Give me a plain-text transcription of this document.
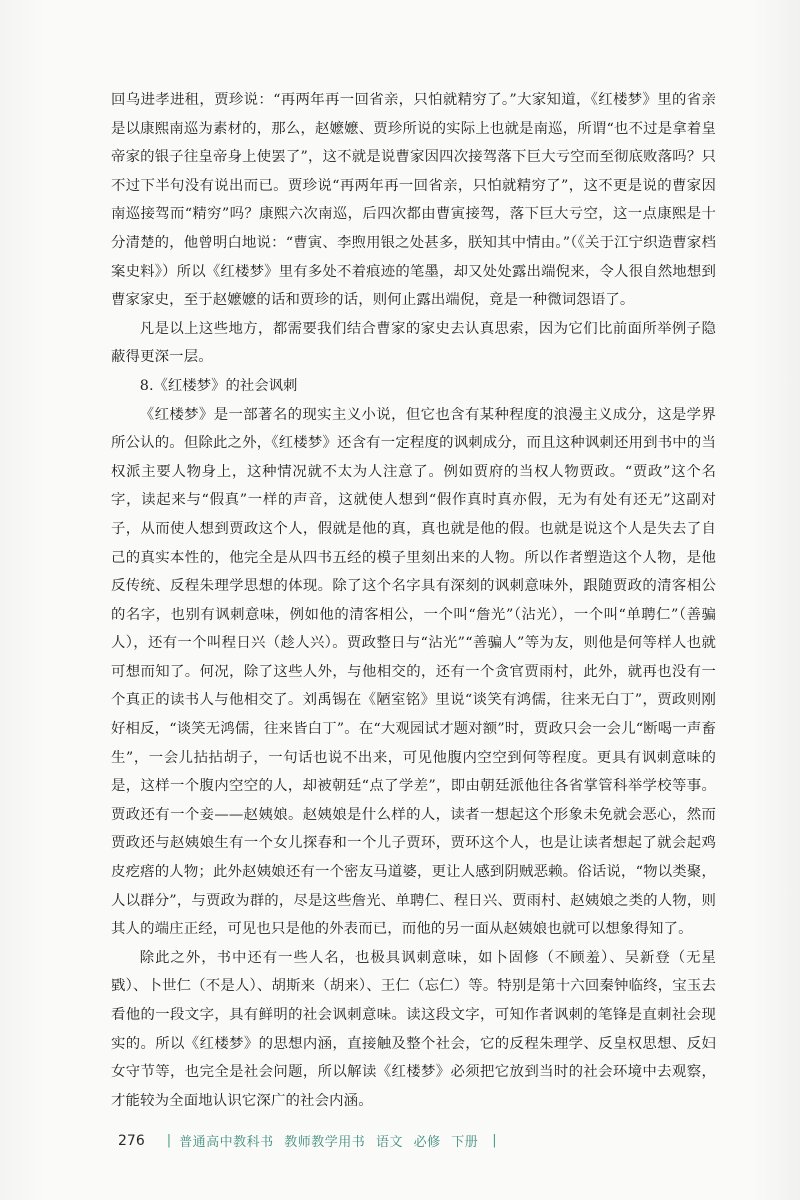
回乌进孝进租，贾珍说：“再两年再一回省亲，只怕就精穷了。”大家知道，《红楼梦》里的省亲是以康熙南巡为素材的，那么，赵嬷嬷、贾珍所说的实际上也就是南巡，所谓“也不过是拿着皇帝家的银子往皇帝身上使罢了”，这不就是说曹家因四次接驾落下巨大亏空而至彻底败落吗？只不过下半句没有说出而已。贾珍说“再两年再一回省亲，只怕就精穷了”，这不更是说的曹家因南巡接驾而“精穷”吗？康熙六次南巡，后四次都由曹寅接驾，落下巨大亏空，这一点康熙是十分清楚的，他曾明白地说：“曹寅、李煦用银之处甚多，朕知其中情由。”（《关于江宁织造曹家档案史料》）所以《红楼梦》里有多处不着痕迹的笔墨，却又处处露出端倪来，令人很自然地想到曹家家史，至于赵嬷嬷的话和贾珍的话，则何止露出端倪，竟是一种微词怨语了。

凡是以上这些地方，都需要我们结合曹家的家史去认真思索，因为它们比前面所举例子隐蔽得更深一层。

8.《红楼梦》的社会讽刺

《红楼梦》是一部著名的现实主义小说，但它也含有某种程度的浪漫主义成分，这是学界所公认的。但除此之外，《红楼梦》还含有一定程度的讽刺成分，而且这种讽刺还用到书中的当权派主要人物身上，这种情况就不太为人注意了。例如贾府的当权人物贾政。“贾政”这个名字，读起来与“假真”一样的声音，这就使人想到“假作真时真亦假，无为有处有还无”这副对子，从而使人想到贾政这个人，假就是他的真，真也就是他的假。也就是说这个人是失去了自己的真实本性的，他完全是从四书五经的模子里刻出来的人物。所以作者塑造这个人物，是他反传统、反程朱理学思想的体现。除了这个名字具有深刻的讽刺意味外，跟随贾政的清客相公的名字，也别有讽刺意味，例如他的清客相公，一个叫“詹光”（沾光），一个叫“单聘仁”（善骗人），还有一个叫程日兴（趁人兴）。贾政整日与“沾光”“善骗人”等为友，则他是何等样人也就可想而知了。何况，除了这些人外，与他相交的，还有一个贪官贾雨村，此外，就再也没有一个真正的读书人与他相交了。刘禹锡在《陋室铭》里说“谈笑有鸿儒，往来无白丁”，贾政则刚好相反，“谈笑无鸿儒，往来皆白丁”。在“大观园试才题对额”时，贾政只会一会儿“断喝一声畜生”，一会儿拈拈胡子，一句话也说不出来，可见他腹内空空到何等程度。更具有讽刺意味的是，这样一个腹内空空的人，却被朝廷“点了学差”，即由朝廷派他往各省掌管科举学校等事。贾政还有一个妾——赵姨娘。赵姨娘是什么样的人，读者一想起这个形象未免就会恶心，然而贾政还与赵姨娘生有一个女儿探春和一个儿子贾环，贾环这个人，也是让读者想起了就会起鸡皮疙瘩的人物；此外赵姨娘还有一个密友马道婆，更让人感到阴贼恶赖。俗话说，“物以类聚，人以群分”，与贾政为群的，尽是这些詹光、单聘仁、程日兴、贾雨村、赵姨娘之类的人物，则其人的端庄正经，可见也只是他的外表而已，而他的另一面从赵姨娘也就可以想象得知了。

除此之外，书中还有一些人名，也极具讽刺意味，如卜固修（不顾羞）、吴新登（无星戥）、卜世仁（不是人）、胡斯来（胡来）、王仁（忘仁）等。特别是第十六回秦钟临终，宝玉去看他的一段文字，具有鲜明的社会讽刺意味。读这段文字，可知作者讽刺的笔锋是直刺社会现实的。所以《红楼梦》的思想内涵，直接触及整个社会，它的反程朱理学、反皇权思想、反妇女守节等，也完全是社会问题，所以解读《红楼梦》必须把它放到当时的社会环境中去观察，才能较为全面地认识它深广的社会内涵。

276 | 普通高中教科书 教师教学用书 语文 必修 下册	|
